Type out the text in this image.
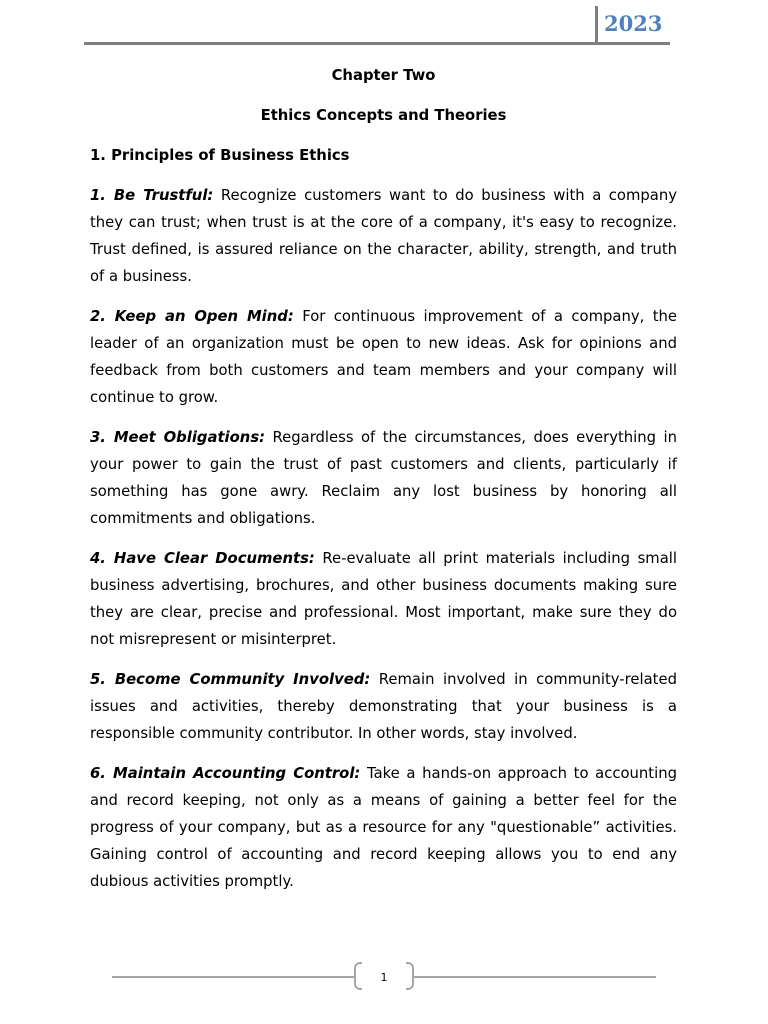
2023

Chapter Two

Ethics Concepts and Theories

1. Principles of Business Ethics

1. Be Trustful: Recognize customers want to do business with a company they can trust; when trust is at the core of a company, it's easy to recognize. Trust defined, is assured reliance on the character, ability, strength, and truth of a business.

2. Keep an Open Mind: For continuous improvement of a company, the leader of an organization must be open to new ideas. Ask for opinions and feedback from both customers and team members and your company will continue to grow.

3. Meet Obligations: Regardless of the circumstances, does everything in your power to gain the trust of past customers and clients, particularly if something has gone awry. Reclaim any lost business by honoring all commitments and obligations.

4. Have Clear Documents: Re-evaluate all print materials including small business advertising, brochures, and other business documents making sure they are clear, precise and professional. Most important, make sure they do not misrepresent or misinterpret.

5. Become Community Involved: Remain involved in community-related issues and activities, thereby demonstrating that your business is a responsible community contributor. In other words, stay involved.

6. Maintain Accounting Control: Take a hands-on approach to accounting and record keeping, not only as a means of gaining a better feel for the progress of your company, but as a resource for any "questionable” activities. Gaining control of accounting and record keeping allows you to end any dubious activities promptly.

1
